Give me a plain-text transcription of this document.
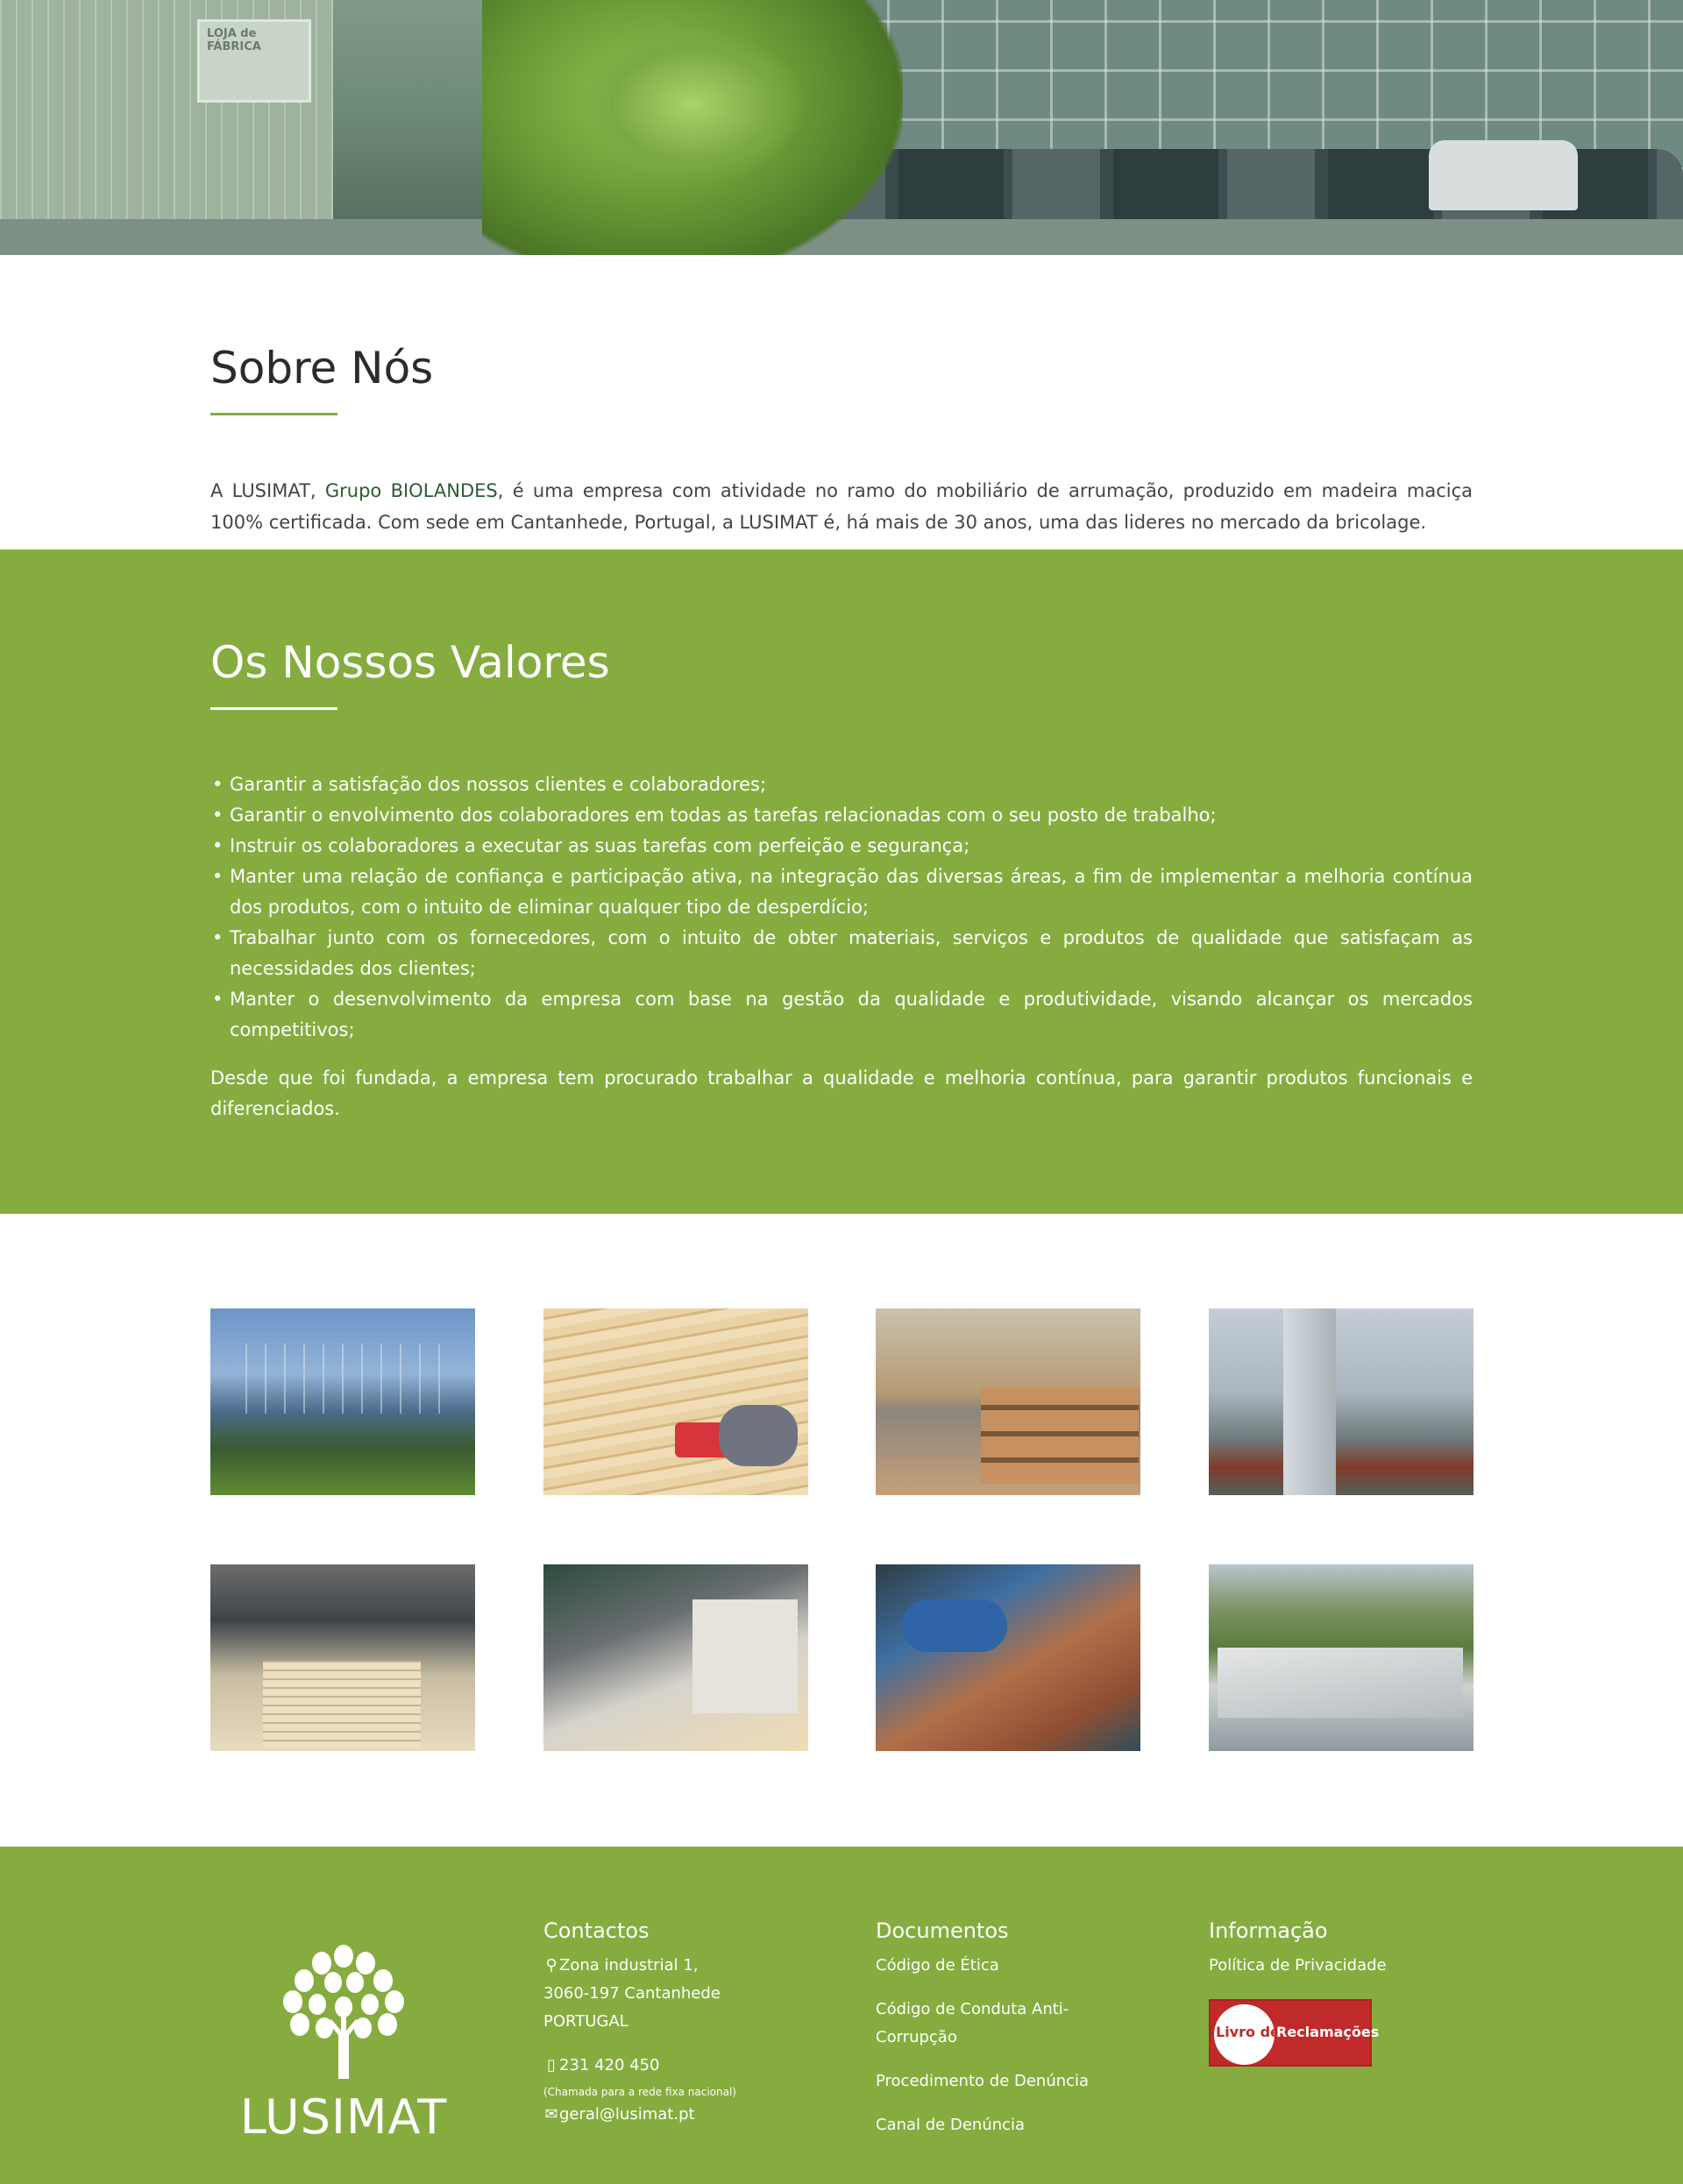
LOJA de FÁBRICA
Sobre Nós

A LUSIMAT, Grupo BIOLANDES, é uma empresa com atividade no ramo do mobiliário de arrumação, produzido em madeira maciça 100% certificada. Com sede em Cantanhede, Portugal, a LUSIMAT é, há mais de 30 anos, uma das lideres no mercado da bricolage.

Os Nossos Valores
• Garantir a satisfação dos nossos clientes e colaboradores;
• Garantir o envolvimento dos colaboradores em todas as tarefas relacionadas com o seu posto de trabalho;
• Instruir os colaboradores a executar as suas tarefas com perfeição e segurança;
• Manter uma relação de confiança e participação ativa, na integração das diversas áreas, a fim de implementar a melhoria contínua dos produtos, com o intuito de eliminar qualquer tipo de desperdício;
• Trabalhar junto com os fornecedores, com o intuito de obter materiais, serviços e produtos de qualidade que satisfaçam as necessidades dos clientes;
• Manter o desenvolvimento da empresa com base na gestão da qualidade e produtividade, visando alcançar os mercados competitivos;

Desde que foi fundada, a empresa tem procurado trabalhar a qualidade e melhoria contínua, para garantir produtos funcionais e diferenciados.

LUSIMAT
Contactos
⚲ Zona industrial 1,
3060-197 Cantanhede
PORTUGAL
▯ 231 420 450
(Chamada para a rede fixa nacional)
✉geral@lusimat.pt
Documentos
Código de Ética
Código de Conduta Anti-Corrupção
Procedimento de Denúncia
Canal de Denúncia
Informação
Política de Privacidade
Livro de
Reclamações
